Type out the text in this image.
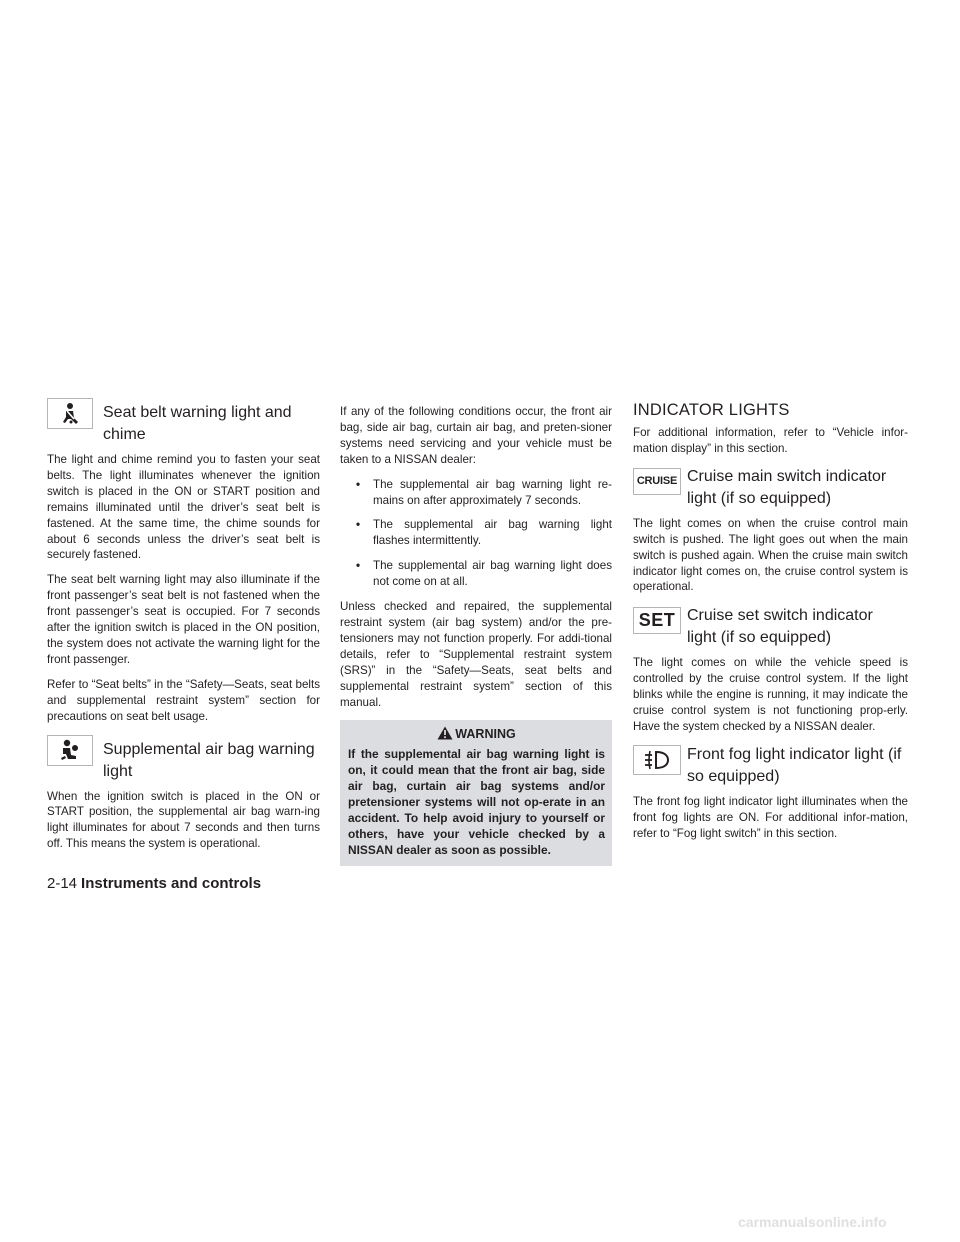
Seat belt warning light and
chime

The light and chime remind you to fasten your seat belts. The light illuminates whenever the ignition switch is placed in the ON or START position and remains illuminated until the driver’s seat belt is fastened. At the same time, the chime sounds for about 6 seconds unless the driver’s seat belt is securely fastened.

The seat belt warning light may also illuminate if the front passenger’s seat belt is not fastened when the front passenger’s seat is occupied. For 7 seconds after the ignition switch is placed in the ON position, the system does not activate the warning light for the front passenger.

Refer to “Seat belts” in the “Safety—Seats, seat belts and supplemental restraint system” section for precautions on seat belt usage.

Supplemental air bag warning
light

When the ignition switch is placed in the ON or START position, the supplemental air bag warn-ing light illuminates for about 7 seconds and then turns off. This means the system is operational.

If any of the following conditions occur, the front air bag, side air bag, curtain air bag, and preten-sioner systems need servicing and your vehicle must be taken to a NISSAN dealer:

• The supplemental air bag warning light re-mains on after approximately 7 seconds.
• The supplemental air bag warning light flashes intermittently.
• The supplemental air bag warning light does not come on at all.

Unless checked and repaired, the supplemental restraint system (air bag system) and/or the pre-tensioners may not function properly. For addi-tional details, refer to “Supplemental restraint system (SRS)” in the “Safety—Seats, seat belts and supplemental restraint system” section of this manual.

WARNING

If the supplemental air bag warning light is on, it could mean that the front air bag, side air bag, curtain air bag systems and/or pretensioner systems will not op-erate in an accident. To help avoid injury to yourself or others, have your vehicle checked by a NISSAN dealer as soon as possible.

INDICATOR LIGHTS

For additional information, refer to “Vehicle infor-mation display” in this section.

CRUISE Cruise main switch indicator
light (if so equipped)

The light comes on when the cruise control main switch is pushed. The light goes out when the main switch is pushed again. When the cruise main switch indicator light comes on, the cruise control system is operational.

SET Cruise set switch indicator
light (if so equipped)

The light comes on while the vehicle speed is controlled by the cruise control system. If the light blinks while the engine is running, it may indicate the cruise control system is not functioning prop-erly. Have the system checked by a NISSAN dealer.

Front fog light indicator light (if
so equipped)

The front fog light indicator light illuminates when the front fog lights are ON. For additional infor-mation, refer to “Fog light switch” in this section.

2-14 Instruments and controls
carmanualsonline.info
